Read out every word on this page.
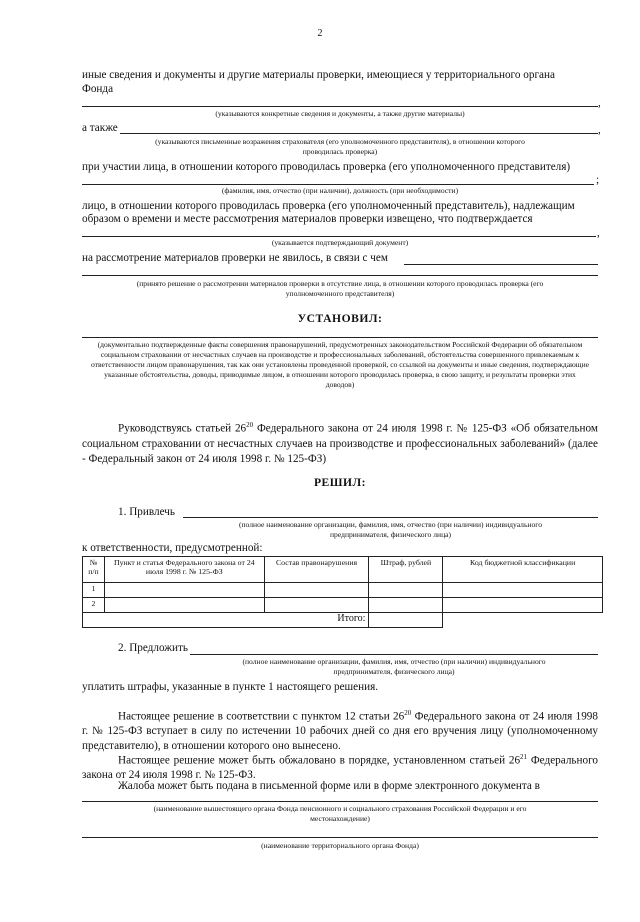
2
иные сведения и документы и другие материалы проверки, имеющиеся у территориального органа
Фонда
,
(указываются конкретные сведения и документы, а также другие материалы)
а также	,
(указываются письменные возражения страхователя (его уполномоченного представителя), в отношении которого
проводилась проверка)
при участии лица, в отношении которого проводилась проверка (его уполномоченного представителя)
;
(фамилия, имя, отчество (при наличии), должность (при необходимости)
лицо, в отношении которого проводилась проверка (его уполномоченный представитель), надлежащим
образом о времени и месте рассмотрения материалов проверки извещено, что подтверждается
,
(указывается подтверждающий документ)
на рассмотрение материалов проверки не явилось, в связи с чем
(принято решение о рассмотрении материалов проверки в отсутствие лица, в отношении которого проводилась проверка (его
уполномоченного представителя)
УСТАНОВИЛ:
(документально подтвержденные факты совершения правонарушений, предусмотренных законодательством Российской Федерации об обязательном социальном страховании от несчастных случаев на производстве и профессиональных заболеваний, обстоятельства совершенного привлекаемым к ответственности лицом правонарушения, так как они установлены проведенной проверкой, со ссылкой на документы и иные сведения, подтверждающие указанные обстоятельства, доводы, приводимые лицом, в отношении которого проводилась проверка, в свою защиту, и результаты проверки этих доводов)
Руководствуясь статьей $26^{20}$ Федерального закона от 24 июля 1998 г. № 125-ФЗ «Об обязательном социальном страховании от несчастных случаев на производстве и профессиональных заболеваний» (далее - Федеральный закон от 24 июля 1998 г. № 125-ФЗ)
РЕШИЛ:
1. Привлечь
(полное наименование организации, фамилия, имя, отчество (при наличии) индивидуального
предпринимателя, физического лица)
к ответственности, предусмотренной:
№ п/п	Пункт и статья Федерального закона от 24 июля 1998 г. № 125-ФЗ	Состав правонарушения	Штраф, рублей	Код бюджетной классификации
1				
2				
Итого:				
2. Предложить
(полное наименование организации, фамилия, имя, отчество (при наличии) индивидуального
предпринимателя, физического лица)
уплатить штрафы, указанные в пункте 1 настоящего решения.
Настоящее решение в соответствии с пунктом 12 статьи $26^{20}$ Федерального закона от 24 июля 1998 г. № 125-ФЗ вступает в силу по истечении 10 рабочих дней со дня его вручения лицу (уполномоченному представителю), в отношении которого оно вынесено.
Настоящее решение может быть обжаловано в порядке, установленном статьей $26^{21}$ Федерального закона от 24 июля 1998 г. № 125-ФЗ.
Жалоба может быть подана в письменной форме или в форме электронного документа в
(наименование вышестоящего органа Фонда пенсионного и социального страхования Российской Федерации и его
местонахождение)
(наименование территориального органа Фонда)
